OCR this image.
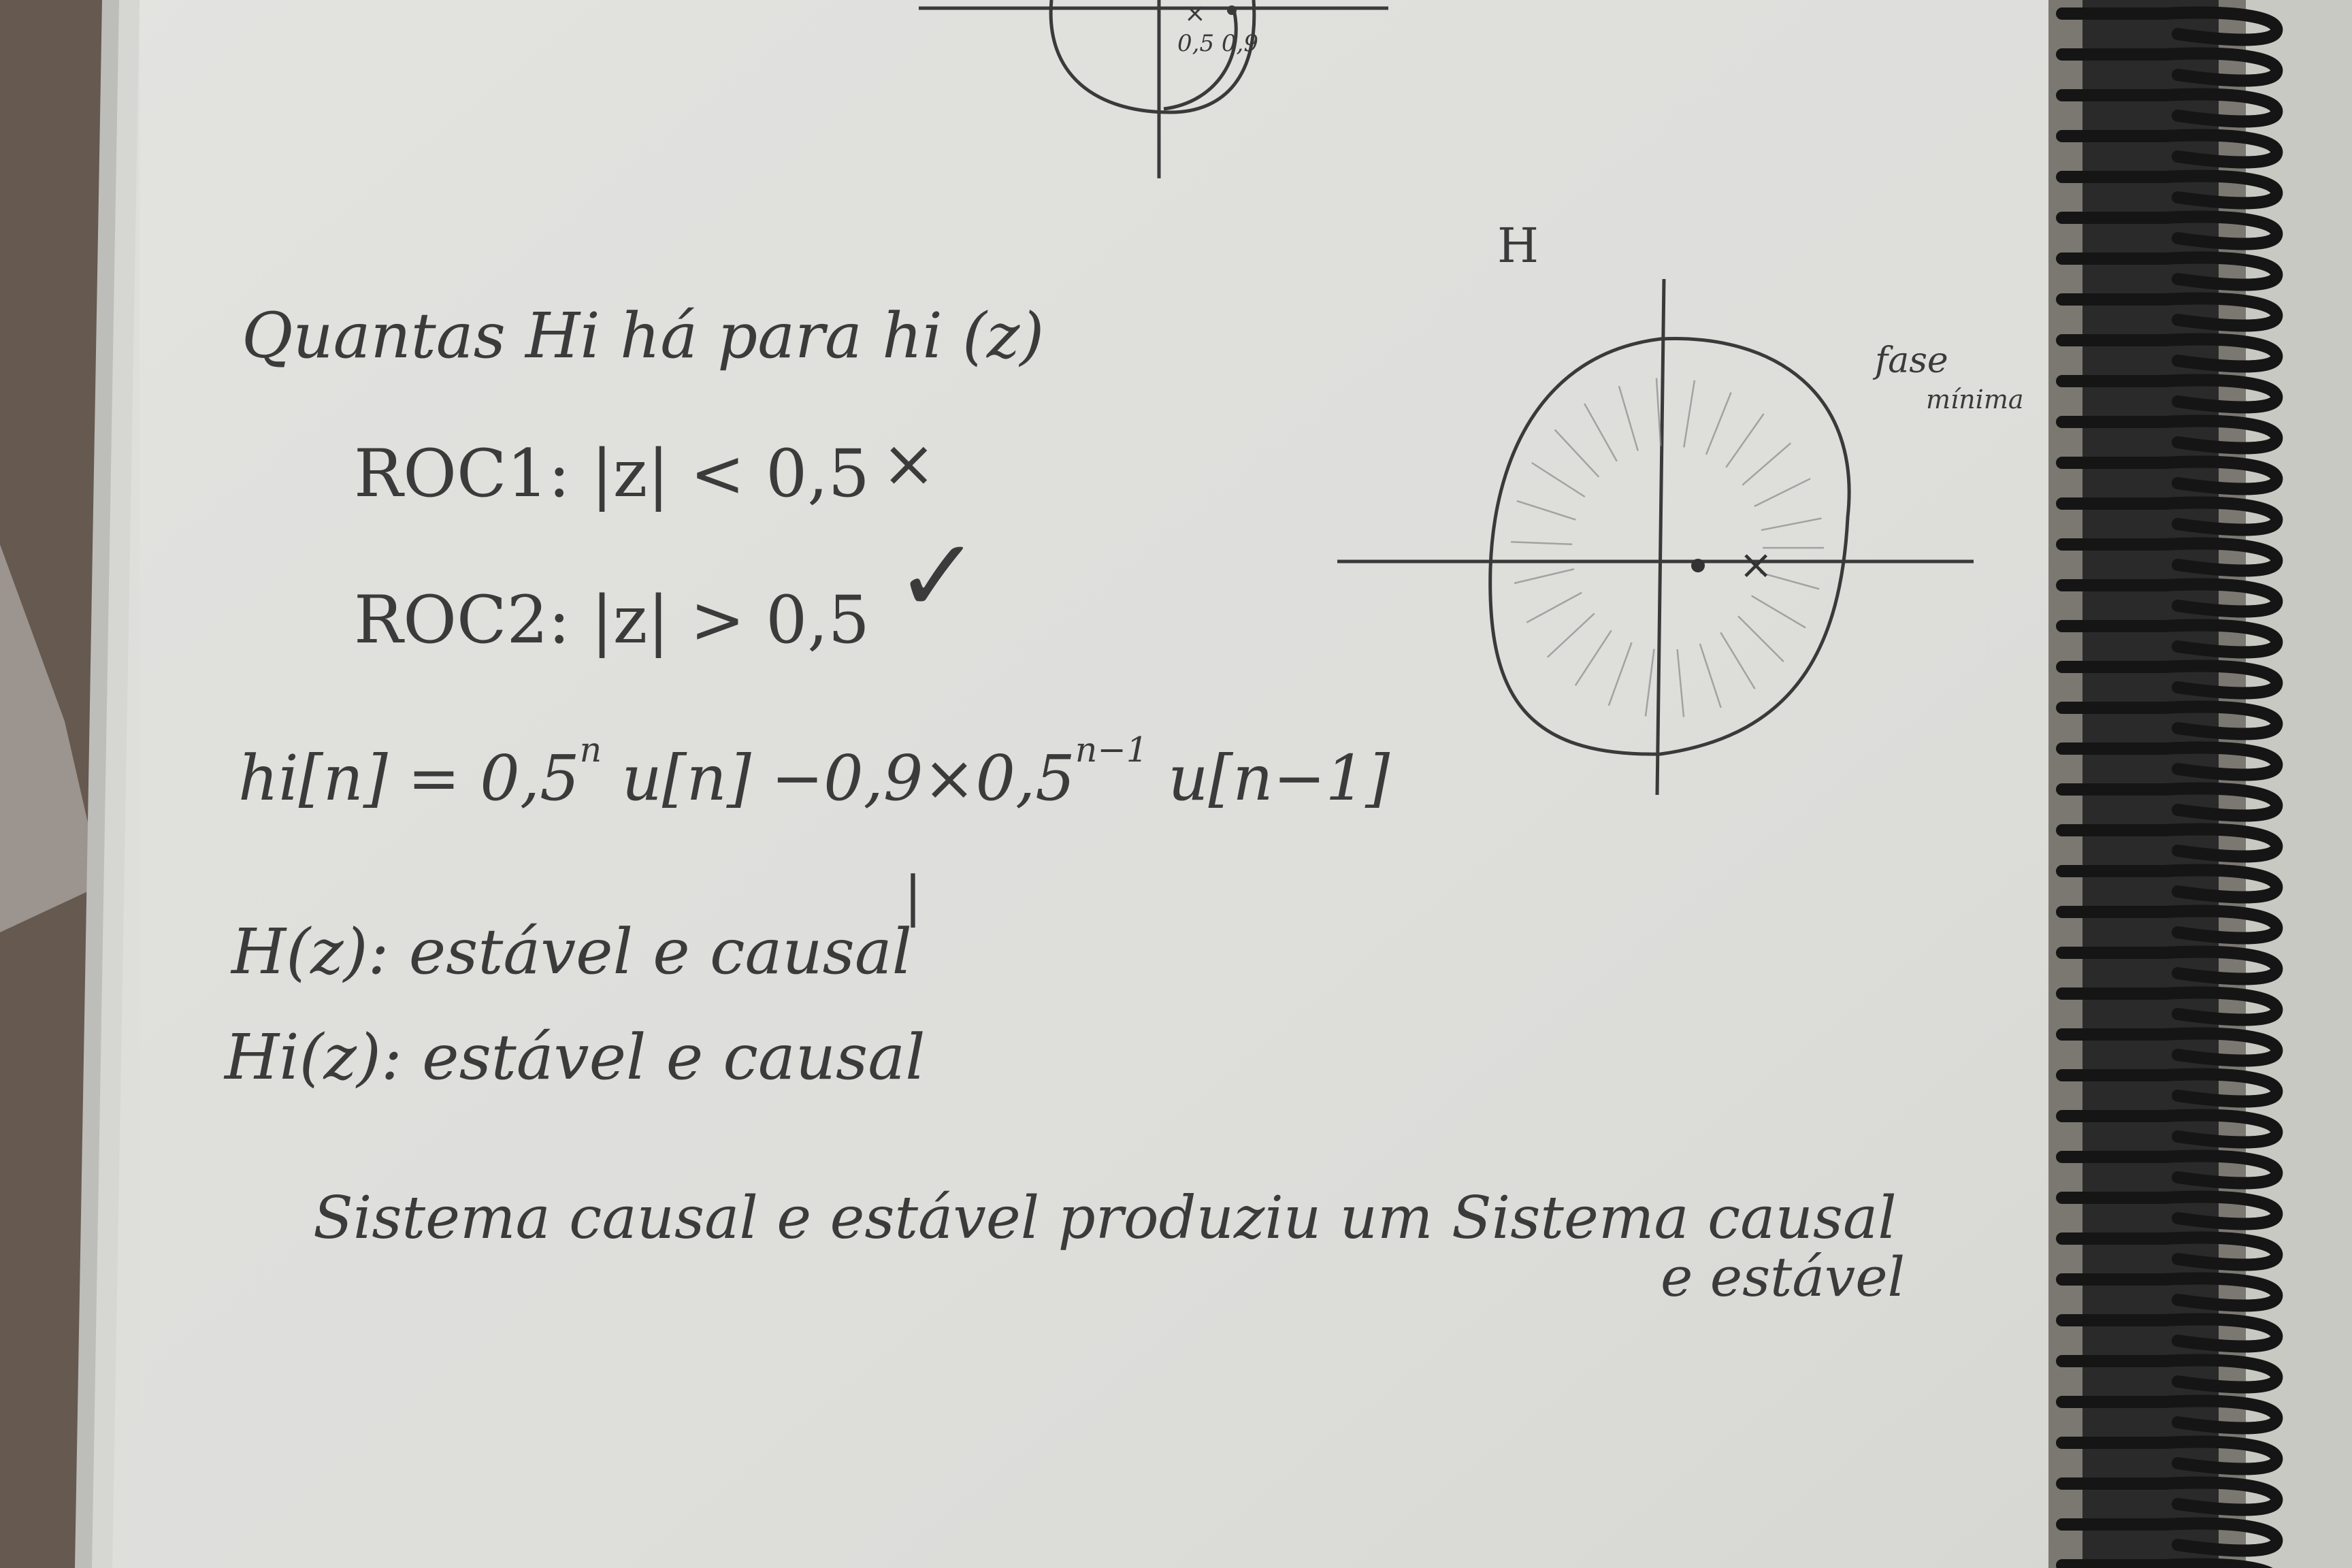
×
0,5 0,9
×
H
fase
mínima
Quantas Hi há para hi (z)
ROC1: |z| < 0,5 ×
ROC2: |z| > 0,5 ✓
$hi[n] = 0,5^n$ $u[n] -0,9\times 0,5^{n-1}$ u[n−1]
|
H(z): estável e causal
Hi(z): estável e causal
Sistema causal e estável produziu um Sistema causal
e estável
